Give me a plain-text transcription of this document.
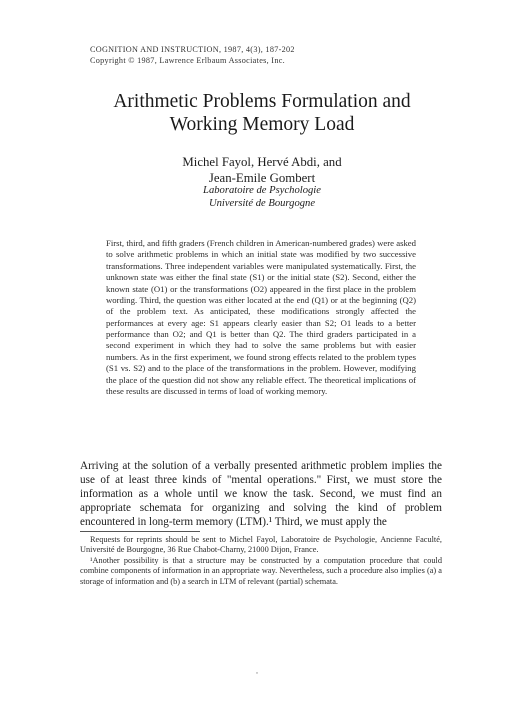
COGNITION AND INSTRUCTION, 1987, 4(3), 187-202
Copyright © 1987, Lawrence Erlbaum Associates, Inc.
Arithmetic Problems Formulation and
Working Memory Load
Michel Fayol, Hervé Abdi, and
Jean-Emile Gombert
Laboratoire de Psychologie
Université de Bourgogne

First, third, and fifth graders (French children in American-numbered grades) were asked to solve arithmetic problems in which an initial state was modified by two successive transformations. Three independent variables were manipulated systematically. First, the unknown state was either the final state (S1) or the initial state (S2). Second, either the known state (O1) or the transformations (O2) appeared in the first place in the problem wording. Third, the question was either located at the end (Q1) or at the beginning (Q2) of the problem text. As anticipated, these modifications strongly affected the performances at every age: S1 appears clearly easier than S2; O1 leads to a better performance than O2; and Q1 is better than Q2. The third graders participated in a second experiment in which they had to solve the same problems but with easier numbers. As in the first experiment, we found strong effects related to the problem types (S1 vs. S2) and to the place of the transformations in the problem. However, modifying the place of the question did not show any reliable effect. The theoretical implications of these results are discussed in terms of load of working memory.

Arriving at the solution of a verbally presented arithmetic problem implies the use of at least three kinds of "mental operations." First, we must store the information as a whole until we know the task. Second, we must find an appropriate schemata for organizing and solving the kind of problem encountered in long-term memory (LTM).¹ Third, we must apply the

Requests for reprints should be sent to Michel Fayol, Laboratoire de Psychologie, Ancienne Faculté, Université de Bourgogne, 36 Rue Chabot-Charny, 21000 Dijon, France.

¹Another possibility is that a structure may be constructed by a computation procedure that could combine components of information in an appropriate way. Nevertheless, such a procedure also implies (a) a storage of information and (b) a search in LTM of relevant (partial) schemata.

·
